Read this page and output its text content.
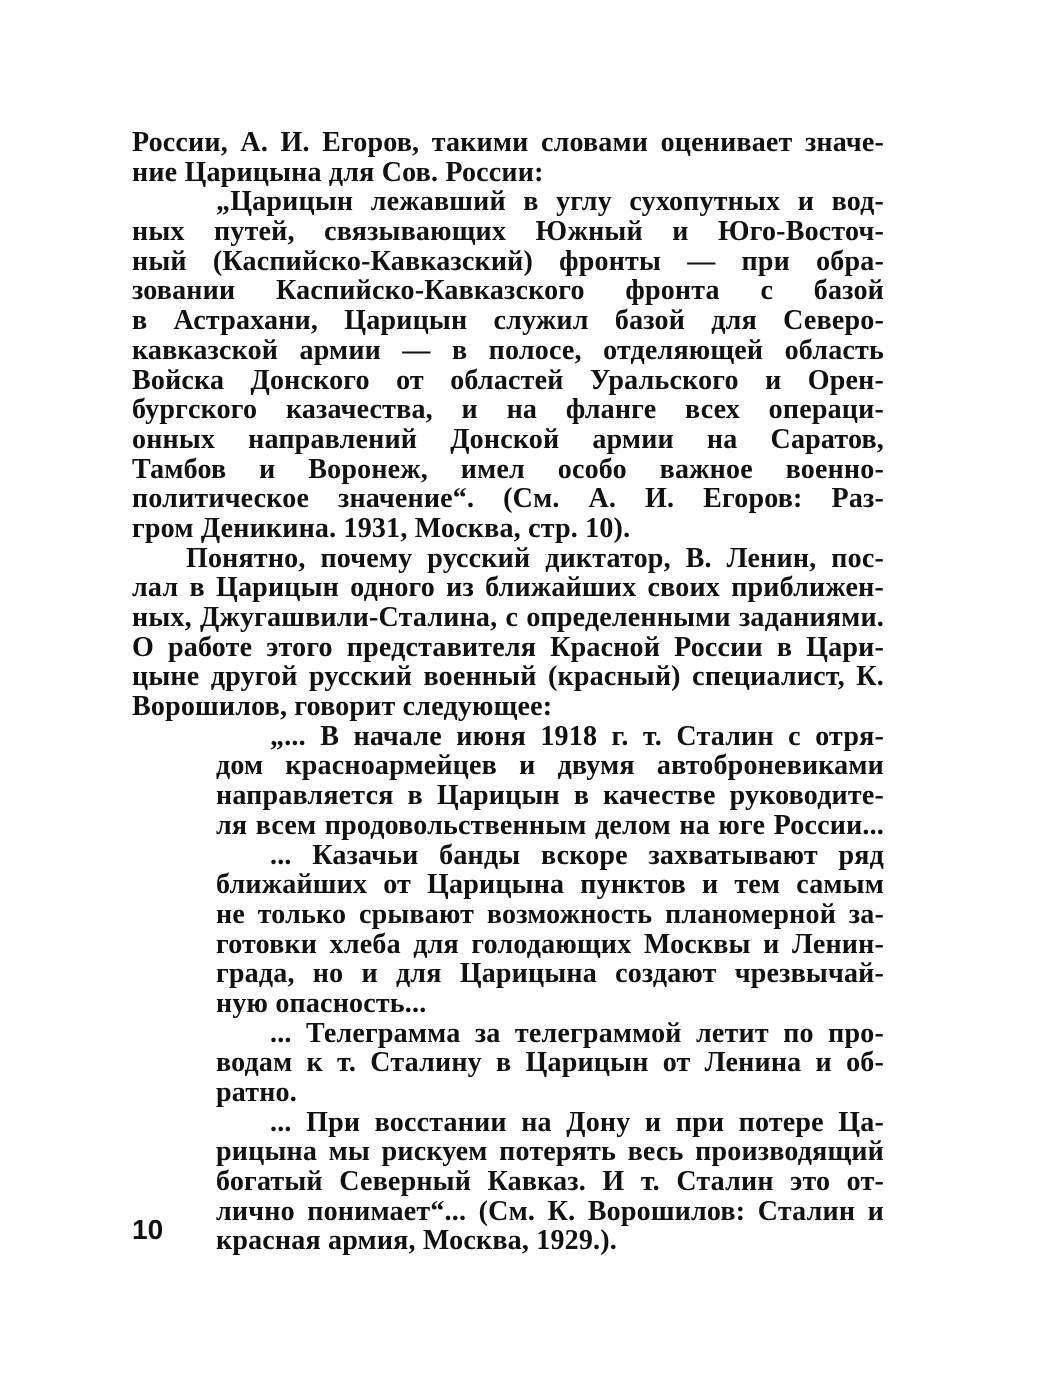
России, А. И. Егоров, такими словами оценивает значе-
ние Царицына для Сов. России:
„Царицын лежавший в углу сухопутных и вод-
ных путей, связывающих Южный и Юго-Восточ-
ный (Каспийско-Кавказский) фронты — при обра-
зовании Каспийско-Кавказского фронта с базой
в Астрахани, Царицын служил базой для Северо-
кавказской армии — в полосе, отделяющей область
Войска Донского от областей Уральского и Орен-
бургского казачества, и на фланге всех операци-
онных направлений Донской армии на Саратов,
Тамбов и Воронеж, имел особо важное военно-
политическое значение“. (См. А. И. Егоров: Раз-
гром Деникина. 1931, Москва, стр. 10).
Понятно, почему русский диктатор, В. Ленин, пос-
лал в Царицын одного из ближайших своих приближен-
ных, Джугашвили-Сталина, с определенными заданиями.
О работе этого представителя Красной России в Цари-
цыне другой русский военный (красный) специалист, К.
Ворошилов, говорит следующее:
„... В начале июня 1918 г. т. Сталин с отря-
дом красноармейцев и двумя автоброневиками
направляется в Царицын в качестве руководите-
ля всем продовольственным делом на юге России...
... Казачьи банды вскоре захватывают ряд
ближайших от Царицына пунктов и тем самым
не только срывают возможность планомерной за-
готовки хлеба для голодающих Москвы и Ленин-
града, но и для Царицына создают чрезвычай-
ную опасность...
... Телеграмма за телеграммой летит по про-
водам к т. Сталину в Царицын от Ленина и об-
ратно.
... При восстании на Дону и при потере Ца-
рицына мы рискуем потерять весь производящий
богатый Северный Кавказ. И т. Сталин это от-
лично понимает“... (См. К. Ворошилов: Сталин и
красная армия, Москва, 1929.).
10
